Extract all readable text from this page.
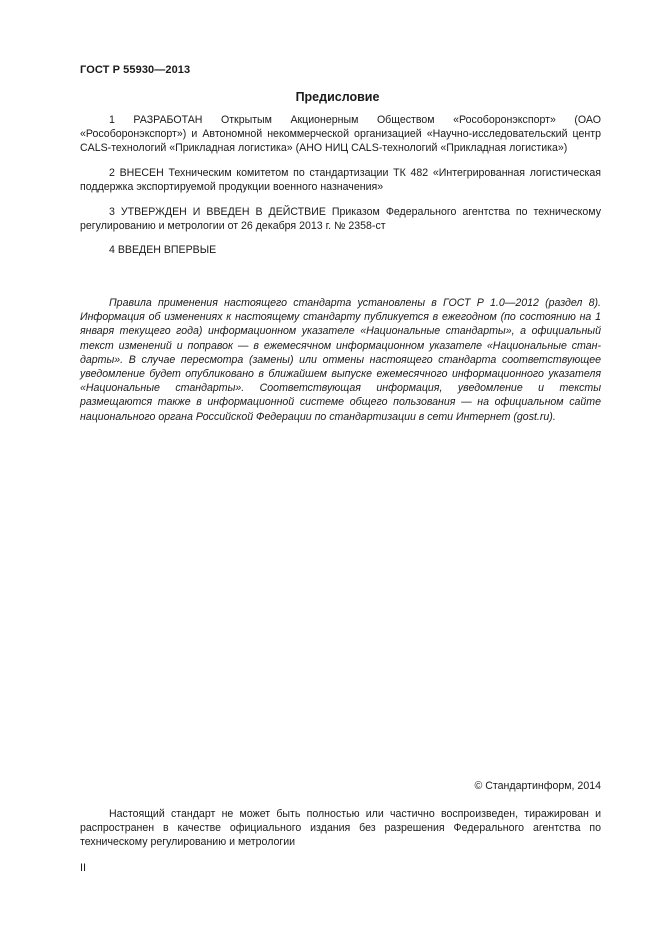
ГОСТ Р 55930—2013
Предисловие

1 РАЗРАБОТАН Открытым Акционерным Обществом «Рособоронэкспорт» (ОАО «Рособоронэкспорт») и Автономной некоммерческой организацией «Научно-исследовательский центр CALS-технологий «Прикладная логистика» (АНО НИЦ CALS-технологий «Прикладная логистика»)

2 ВНЕСЕН Техническим комитетом по стандартизации ТК 482 «Интегрированная логистическая поддержка экспортируемой продукции военного назначения»

3 УТВЕРЖДЕН И ВВЕДЕН В ДЕЙСТВИЕ Приказом Федерального агентства по техническому регулированию и метрологии от 26 декабря 2013 г. № 2358-ст

4 ВВЕДЕН ВПЕРВЫЕ

Правила применения настоящего стандарта установлены в ГОСТ Р 1.0—2012 (раздел 8). Информация об изменениях к настоящему стандарту публикуется в ежегодном (по состоянию на 1 января текущего года) информационном указателе «Национальные стандарты», а официальный текст изменений и поправок — в ежемесячном информационном указателе «Национальные стан-дарты». В случае пересмотра (замены) или отмены настоящего стандарта соответствующее уведомление будет опубликовано в ближайшем выпуске ежемесячного информационного указателя «Национальные стандарты». Соответствующая информация, уведомление и тексты размещаются также в информационной системе общего пользования — на официальном сайте национального органа Российской Федерации по стандартизации в сети Интернет (gost.ru).

© Стандартинформ, 2014

Настоящий стандарт не может быть полностью или частично воспроизведен, тиражирован и распространен в качестве официального издания без разрешения Федерального агентства по техническому регулированию и метрологии

II
